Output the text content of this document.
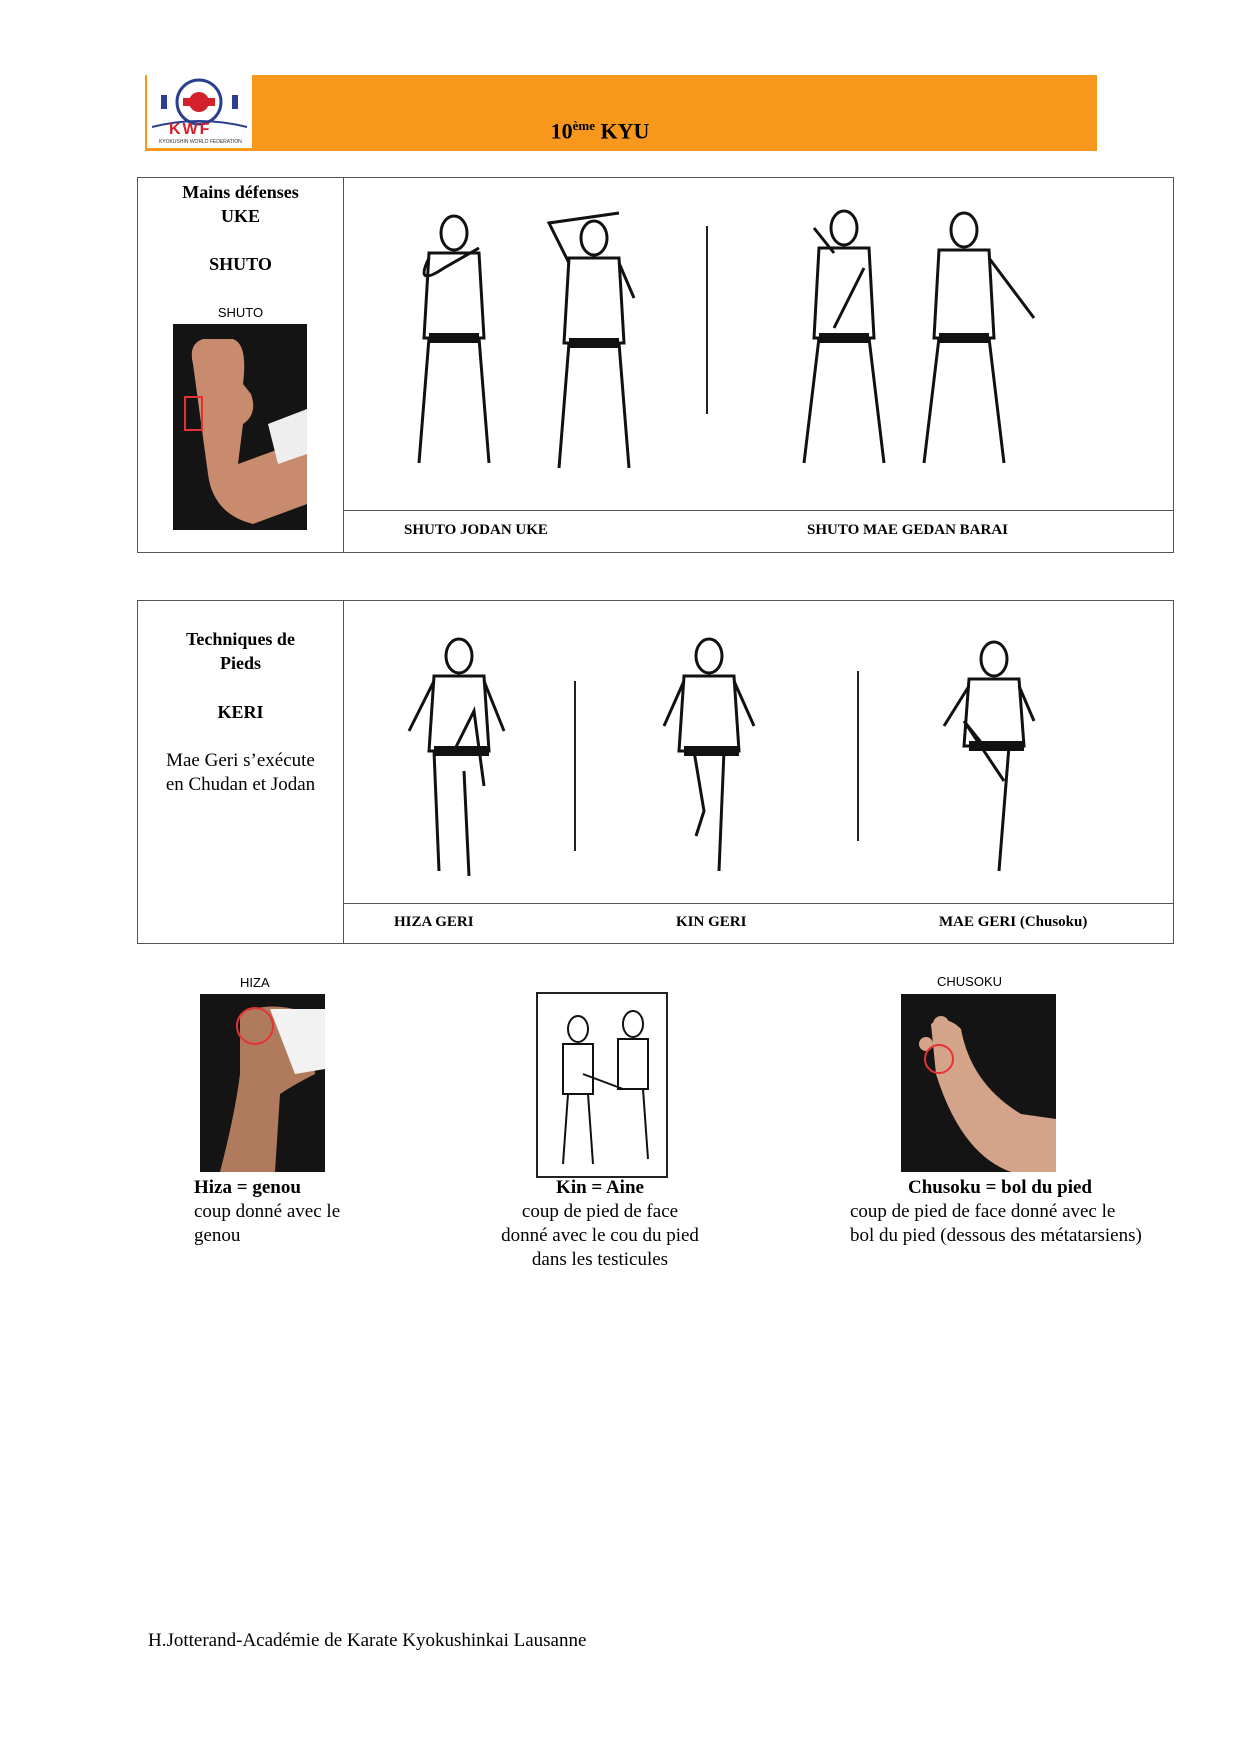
KWF
KYOKUSHIN WORLD FEDERATION	10ème KYU
Mains défenses
UKE
SHUTO
SHUTO
SHUTO JODAN UKE	SHUTO MAE GEDAN BARAI
Techniques de
Pieds
KERI
Mae Geri s’exécute
en Chudan et Jodan
HIZA GERI	KIN GERI	MAE GERI (Chusoku)
HIZA
Hiza = genou
coup donné avec le
genou
Kin = Aine
coup de pied de face
donné avec le cou du pied
dans les testicules
CHUSOKU
Chusoku = bol du pied
coup de pied de face donné avec le
bol du pied (dessous des métatarsiens)
H.Jotterand-Académie de Karate Kyokushinkai Lausanne
